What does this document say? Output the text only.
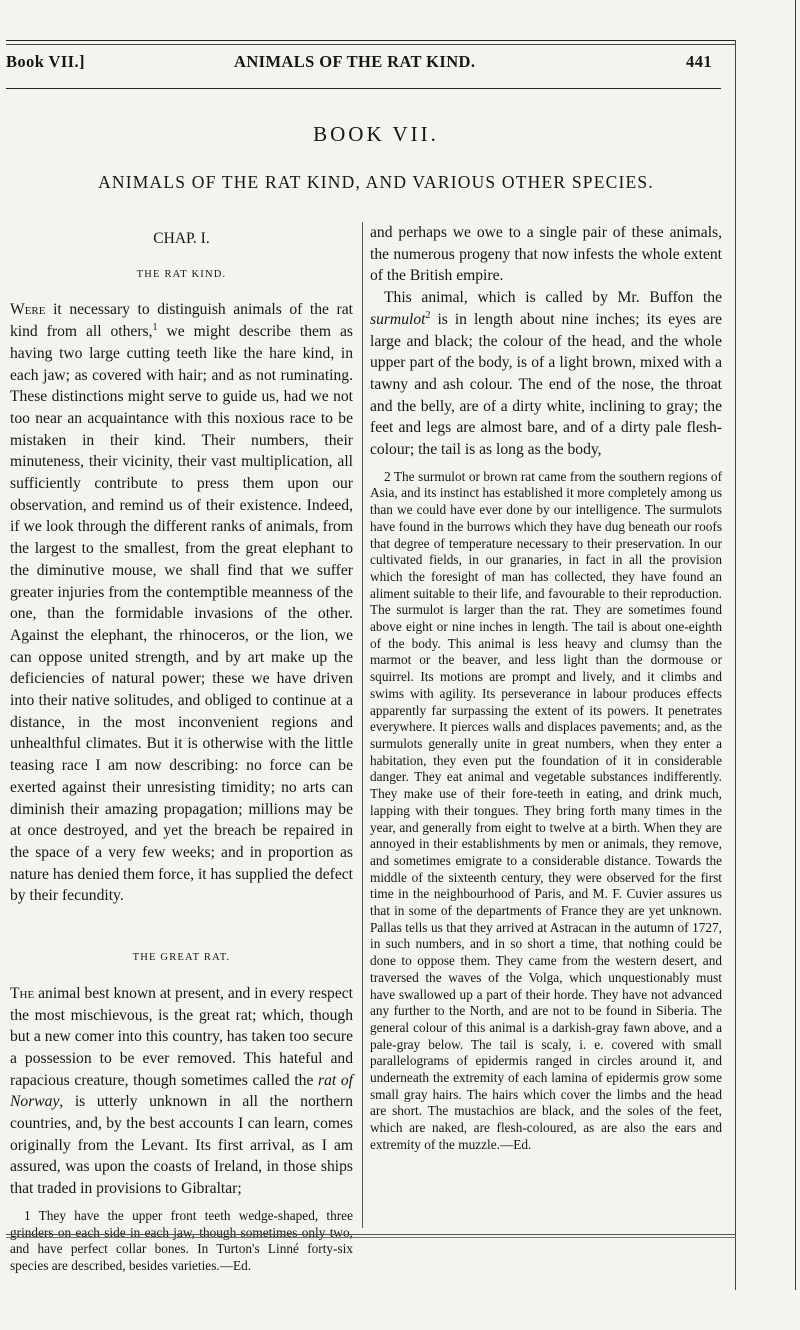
Book VII.]	ANIMALS OF THE RAT KIND.	441
BOOK VII.
ANIMALS OF THE RAT KIND, AND VARIOUS OTHER SPECIES.
CHAP. I.
THE RAT KIND.

Were it necessary to distinguish animals of the rat kind from all others,$^1$ we might describe them as having two large cutting teeth like the hare kind, in each jaw; as covered with hair; and as not ruminating. These distinctions might serve to guide us, had we not too near an acquaintance with this noxious race to be mistaken in their kind. Their numbers, their minuteness, their vicinity, their vast multiplication, all sufficiently contribute to press them upon our observation, and remind us of their existence. Indeed, if we look through the different ranks of animals, from the largest to the smallest, from the great elephant to the diminutive mouse, we shall find that we suffer greater injuries from the contemptible meanness of the one, than the formidable invasions of the other. Against the elephant, the rhinoceros, or the lion, we can oppose united strength, and by art make up the deficiencies of natural power; these we have driven into their native solitudes, and obliged to continue at a distance, in the most inconvenient regions and unhealthful climates. But it is otherwise with the little teasing race I am now describing: no force can be exerted against their unresisting timidity; no arts can diminish their amazing propagation; millions may be at once destroyed, and yet the breach be repaired in the space of a very few weeks; and in proportion as nature has denied them force, it has supplied the defect by their fecundity.

THE GREAT RAT.

The animal best known at present, and in every respect the most mischievous, is the great rat; which, though but a new comer into this country, has taken too secure a possession to be ever removed. This hateful and rapacious creature, though sometimes called the rat of Norway, is utterly unknown in all the northern countries, and, by the best accounts I can learn, comes originally from the Levant. Its first arrival, as I am assured, was upon the coasts of Ireland, in those ships that traded in provisions to Gibraltar;

1 They have the upper front teeth wedge-shaped, three grinders on each side in each jaw, though sometimes only two, and have perfect collar bones. In Turton's Linné forty-six species are described, besides varieties.—Ed.

and perhaps we owe to a single pair of these animals, the numerous progeny that now infests the whole extent of the British empire.

This animal, which is called by Mr. Buffon the surmulot$^2$ is in length about nine inches; its eyes are large and black; the colour of the head, and the whole upper part of the body, is of a light brown, mixed with a tawny and ash colour. The end of the nose, the throat and the belly, are of a dirty white, inclining to gray; the feet and legs are almost bare, and of a dirty pale flesh-colour; the tail is as long as the body,

2 The surmulot or brown rat came from the southern regions of Asia, and its instinct has established it more completely among us than we could have ever done by our intelligence. The surmulots have found in the burrows which they have dug beneath our roofs that degree of temperature necessary to their preservation. In our cultivated fields, in our granaries, in fact in all the provision which the foresight of man has collected, they have found an aliment suitable to their life, and favourable to their reproduction. The surmulot is larger than the rat. They are sometimes found above eight or nine inches in length. The tail is about one-eighth of the body. This animal is less heavy and clumsy than the marmot or the beaver, and less light than the dormouse or squirrel. Its motions are prompt and lively, and it climbs and swims with agility. Its perseverance in labour produces effects apparently far surpassing the extent of its powers. It penetrates everywhere. It pierces walls and displaces pavements; and, as the surmulots generally unite in great numbers, when they enter a habitation, they even put the foundation of it in considerable danger. They eat animal and vegetable substances indifferently. They make use of their fore-teeth in eating, and drink much, lapping with their tongues. They bring forth many times in the year, and generally from eight to twelve at a birth. When they are annoyed in their establishments by men or animals, they remove, and sometimes emigrate to a considerable distance. Towards the middle of the sixteenth century, they were observed for the first time in the neighbourhood of Paris, and M. F. Cuvier assures us that in some of the departments of France they are yet unknown. Pallas tells us that they arrived at Astracan in the autumn of 1727, in such numbers, and in so short a time, that nothing could be done to oppose them. They came from the western desert, and traversed the waves of the Volga, which unquestionably must have swallowed up a part of their horde. They have not advanced any further to the North, and are not to be found in Siberia. The general colour of this animal is a darkish-gray fawn above, and a pale-gray below. The tail is scaly, i. e. covered with small parallelograms of epidermis ranged in circles around it, and underneath the extremity of each lamina of epidermis grow some small gray hairs. The hairs which cover the limbs and the head are short. The mustachios are black, and the soles of the feet, which are naked, are flesh-coloured, as are also the ears and extremity of the muzzle.—Ed.
